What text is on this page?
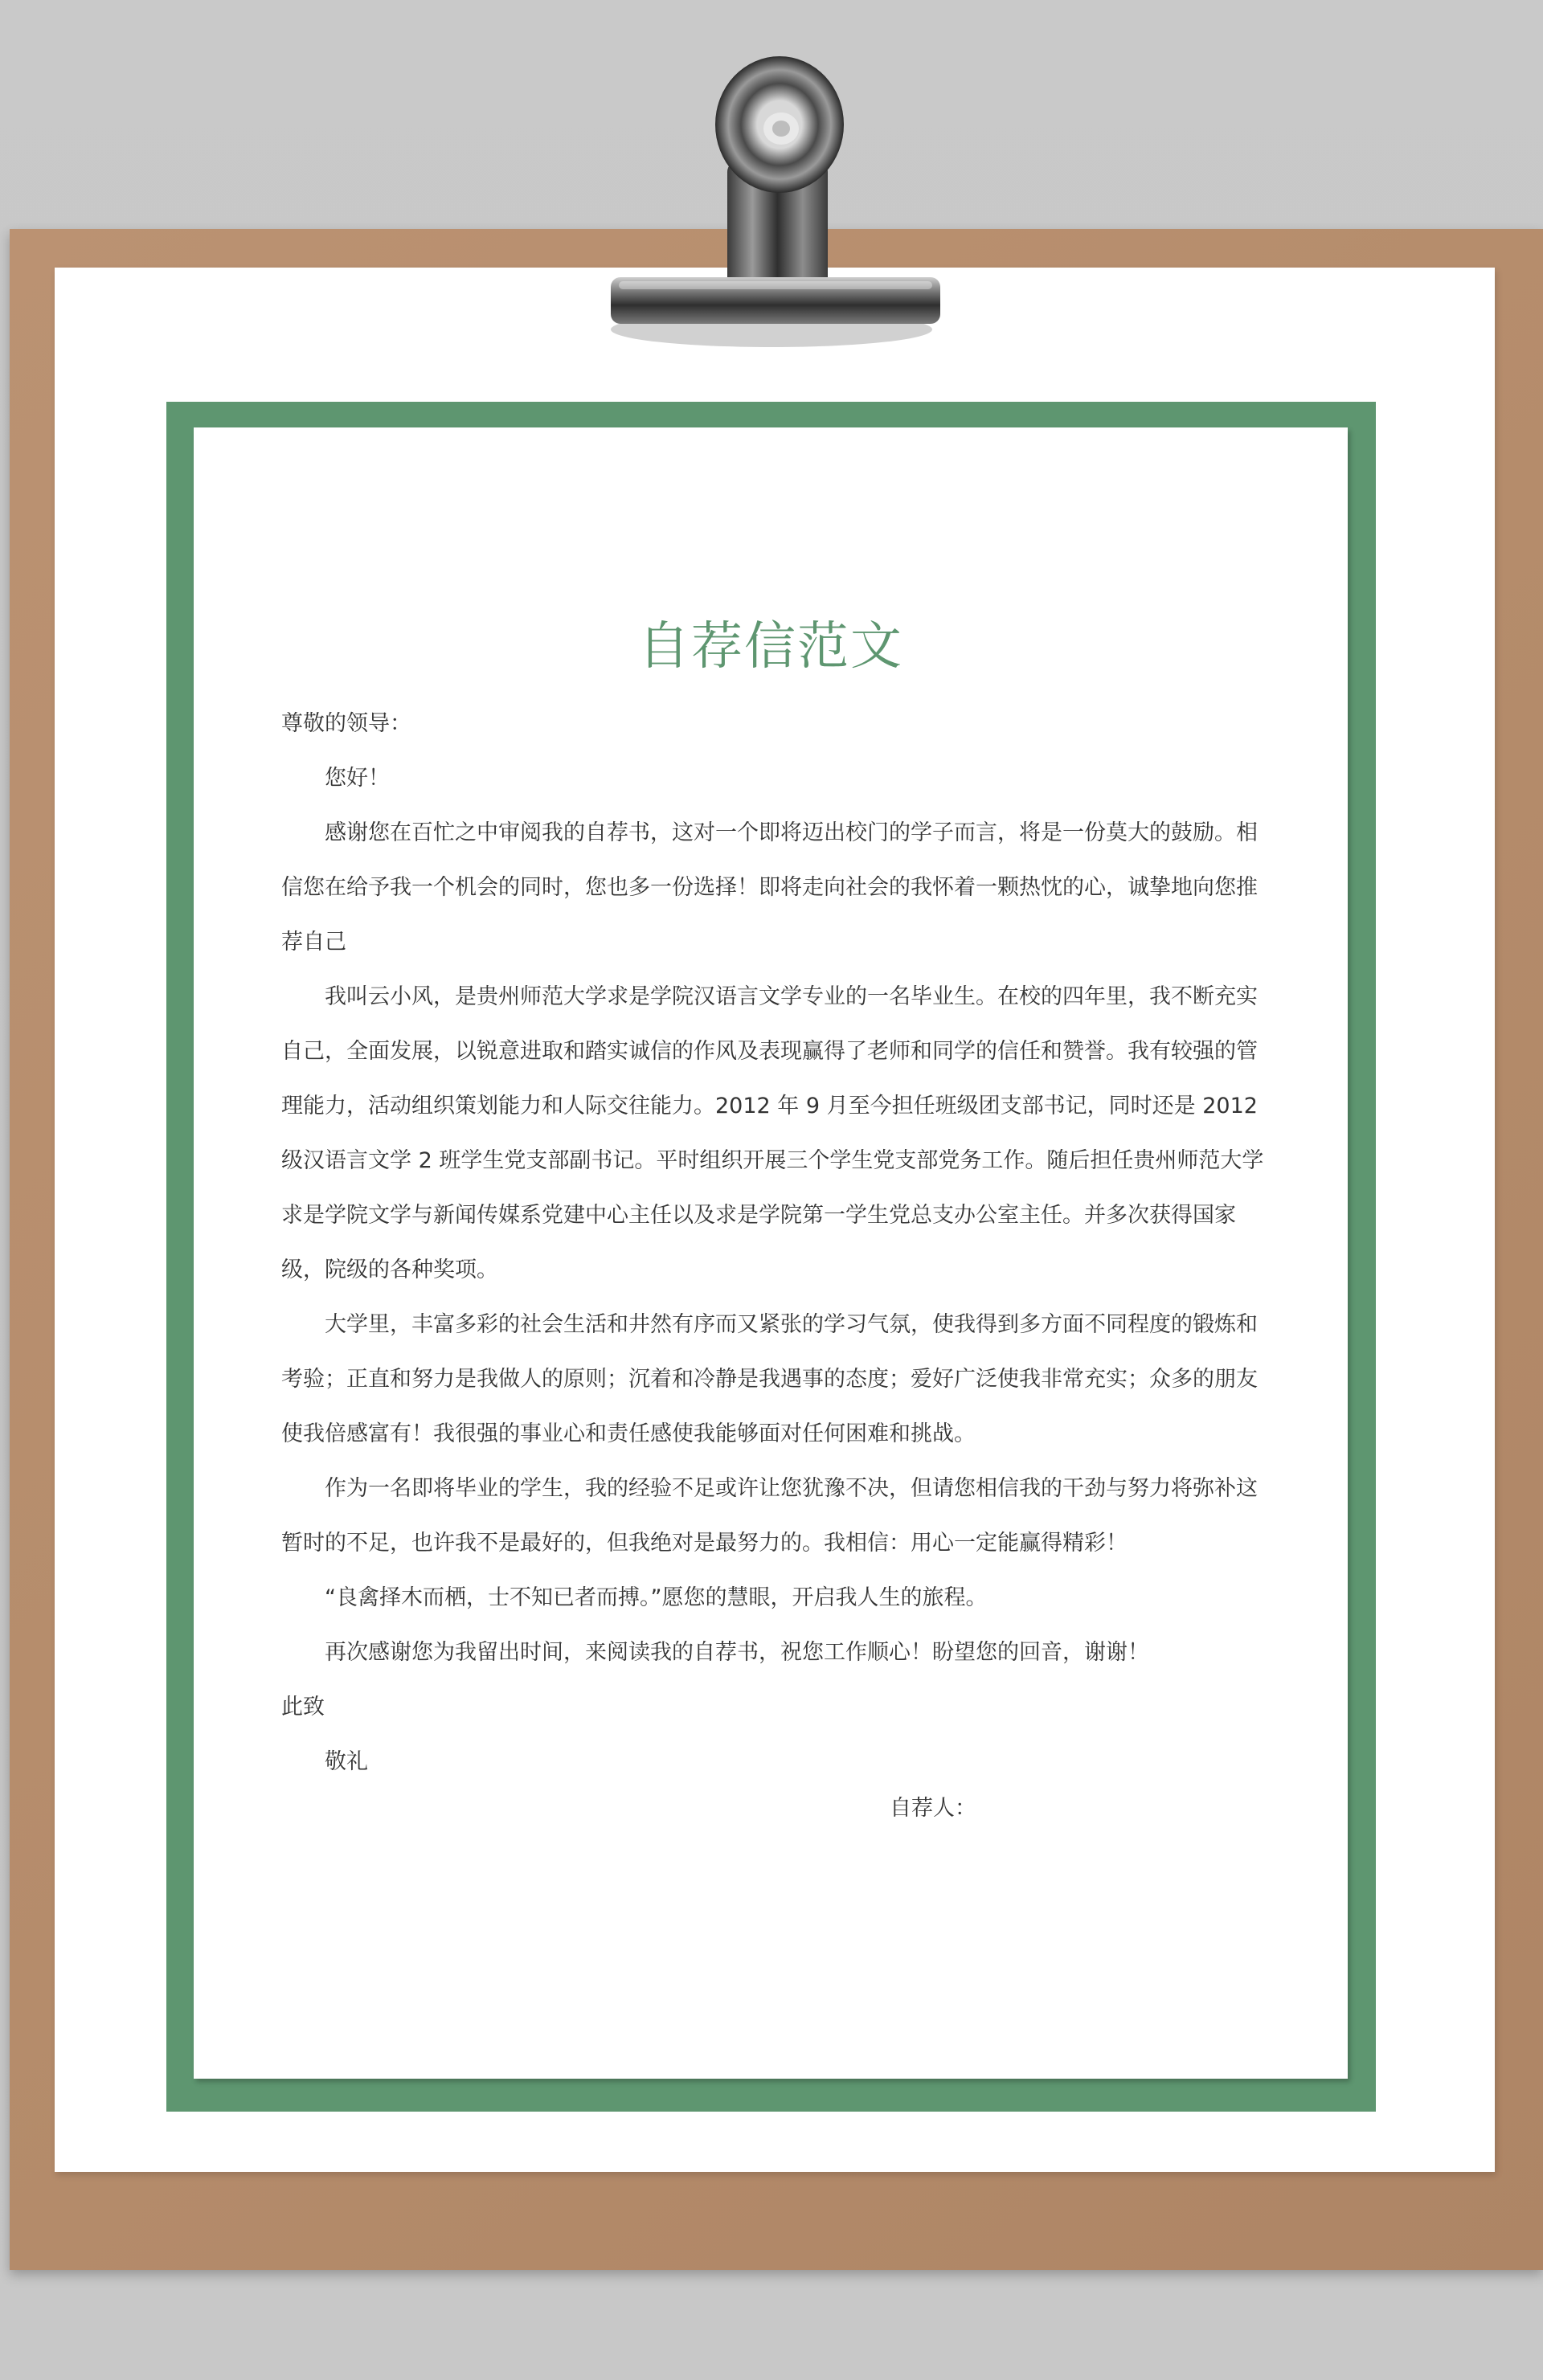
自荐信范文

尊敬的领导：

您好！

感谢您在百忙之中审阅我的自荐书，这对一个即将迈出校门的学子而言，将是一份莫大的鼓励。相信您在给予我一个机会的同时，您也多一份选择！即将走向社会的我怀着一颗热忱的心，诚挚地向您推荐自己

我叫云小风，是贵州师范大学求是学院汉语言文学专业的一名毕业生。在校的四年里，我不断充实自己，全面发展，以锐意进取和踏实诚信的作风及表现赢得了老师和同学的信任和赞誉。我有较强的管理能力，活动组织策划能力和人际交往能力。2012 年 9 月至今担任班级团支部书记，同时还是 2012 级汉语言文学 2 班学生党支部副书记。平时组织开展三个学生党支部党务工作。随后担任贵州师范大学求是学院文学与新闻传媒系党建中心主任以及求是学院第一学生党总支办公室主任。并多次获得国家级，院级的各种奖项。

大学里，丰富多彩的社会生活和井然有序而又紧张的学习气氛，使我得到多方面不同程度的锻炼和考验；正直和努力是我做人的原则；沉着和冷静是我遇事的态度；爱好广泛使我非常充实；众多的朋友使我倍感富有！我很强的事业心和责任感使我能够面对任何困难和挑战。

作为一名即将毕业的学生，我的经验不足或许让您犹豫不决，但请您相信我的干劲与努力将弥补这暂时的不足，也许我不是最好的，但我绝对是最努力的。我相信：用心一定能赢得精彩！

“良禽择木而栖，士不知已者而搏。”愿您的慧眼，开启我人生的旅程。

再次感谢您为我留出时间，来阅读我的自荐书，祝您工作顺心！盼望您的回音，谢谢！

此致

敬礼

自荐人：
